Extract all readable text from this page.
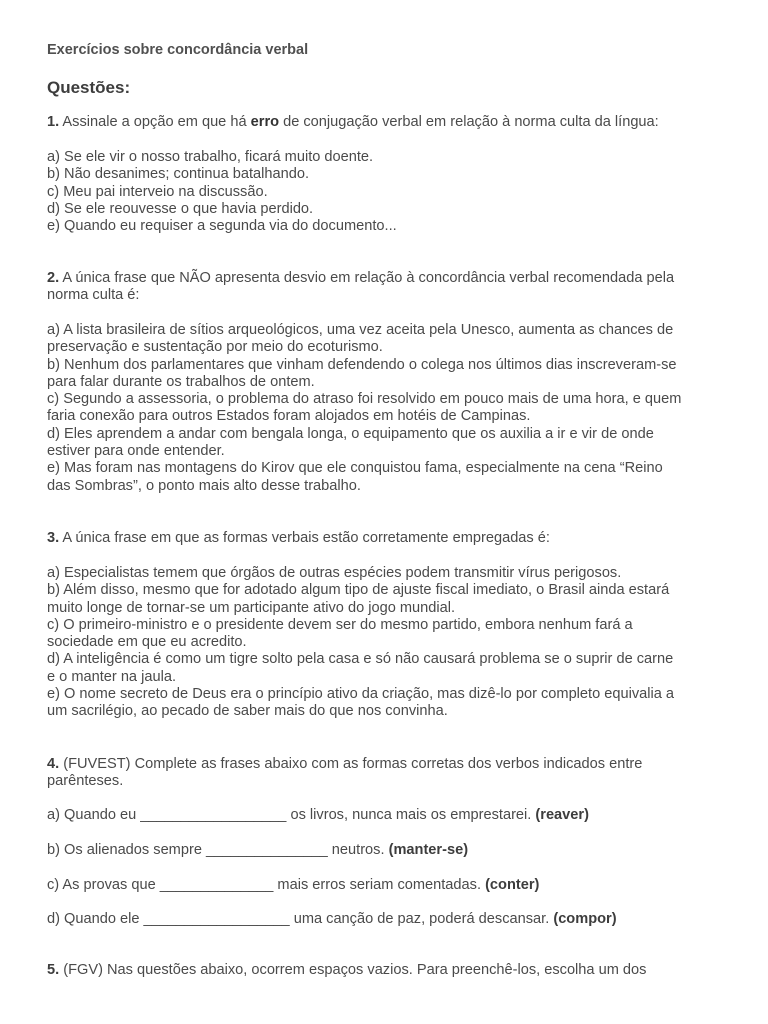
Exercícios sobre concordância verbal
Questões:
1. Assinale a opção em que há erro de conjugação verbal em relação à norma culta da língua:
a) Se ele vir o nosso trabalho, ficará muito doente.
b) Não desanimes; continua batalhando.
c) Meu pai interveio na discussão.
d) Se ele reouvesse o que havia perdido.
e) Quando eu requiser a segunda via do documento...
2. A única frase que NÃO apresenta desvio em relação à concordância verbal recomendada pela
norma culta é:
a) A lista brasileira de sítios arqueológicos, uma vez aceita pela Unesco, aumenta as chances de
preservação e sustentação por meio do ecoturismo.
b) Nenhum dos parlamentares que vinham defendendo o colega nos últimos dias inscreveram-se
para falar durante os trabalhos de ontem.
c) Segundo a assessoria, o problema do atraso foi resolvido em pouco mais de uma hora, e quem
faria conexão para outros Estados foram alojados em hotéis de Campinas.
d) Eles aprendem a andar com bengala longa, o equipamento que os auxilia a ir e vir de onde
estiver para onde entender.
e) Mas foram nas montagens do Kirov que ele conquistou fama, especialmente na cena “Reino
das Sombras”, o ponto mais alto desse trabalho.
3. A única frase em que as formas verbais estão corretamente empregadas é:
a) Especialistas temem que órgãos de outras espécies podem transmitir vírus perigosos.
b) Além disso, mesmo que for adotado algum tipo de ajuste fiscal imediato, o Brasil ainda estará
muito longe de tornar-se um participante ativo do jogo mundial.
c) O primeiro-ministro e o presidente devem ser do mesmo partido, embora nenhum fará a
sociedade em que eu acredito.
d) A inteligência é como um tigre solto pela casa e só não causará problema se o suprir de carne
e o manter na jaula.
e) O nome secreto de Deus era o princípio ativo da criação, mas dizê-lo por completo equivalia a
um sacrilégio, ao pecado de saber mais do que nos convinha.
4. (FUVEST) Complete as frases abaixo com as formas corretas dos verbos indicados entre
parênteses.
a) Quando eu __________________ os livros, nunca mais os emprestarei. (reaver)
b) Os alienados sempre _______________ neutros. (manter-se)
c) As provas que ______________ mais erros seriam comentadas. (conter)
d) Quando ele __________________ uma canção de paz, poderá descansar. (compor)
5. (FGV) Nas questões abaixo, ocorrem espaços vazios. Para preenchê-los, escolha um dos
